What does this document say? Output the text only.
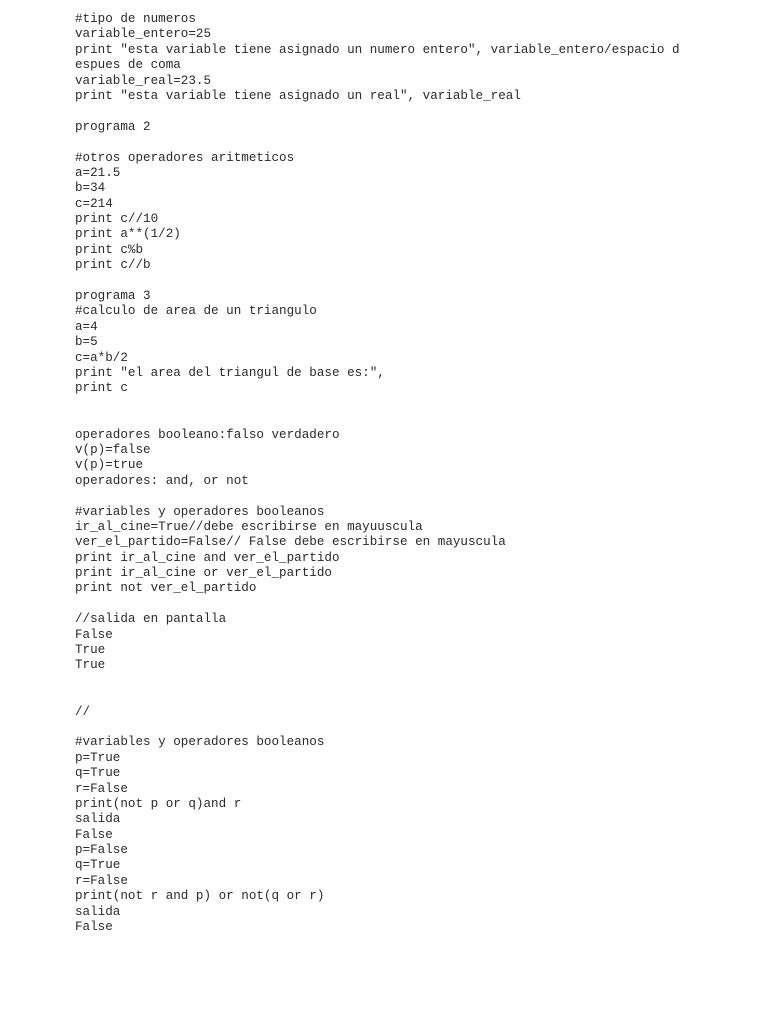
#tipo de numeros
variable_entero=25
print "esta variable tiene asignado un numero entero", variable_entero/espacio d
espues de coma
variable_real=23.5
print "esta variable tiene asignado un real", variable_real
programa 2
#otros operadores aritmeticos
a=21.5
b=34
c=214
print c//10
print a**(1/2)
print c%b
print c//b
programa 3
#calculo de area de un triangulo
a=4
b=5
c=a*b/2
print "el area del triangul de base es:",
print c
operadores booleano:falso verdadero
v(p)=false
v(p)=true
operadores: and, or not
#variables y operadores booleanos
ir_al_cine=True//debe escribirse en mayuuscula
ver_el_partido=False// False debe escribirse en mayuscula
print ir_al_cine and ver_el_partido
print ir_al_cine or ver_el_partido
print not ver_el_partido
//salida en pantalla
False
True
True
//
#variables y operadores booleanos
p=True
q=True
r=False
print(not p or q)and r
salida
False
p=False
q=True
r=False
print(not r and p) or not(q or r)
salida
False
